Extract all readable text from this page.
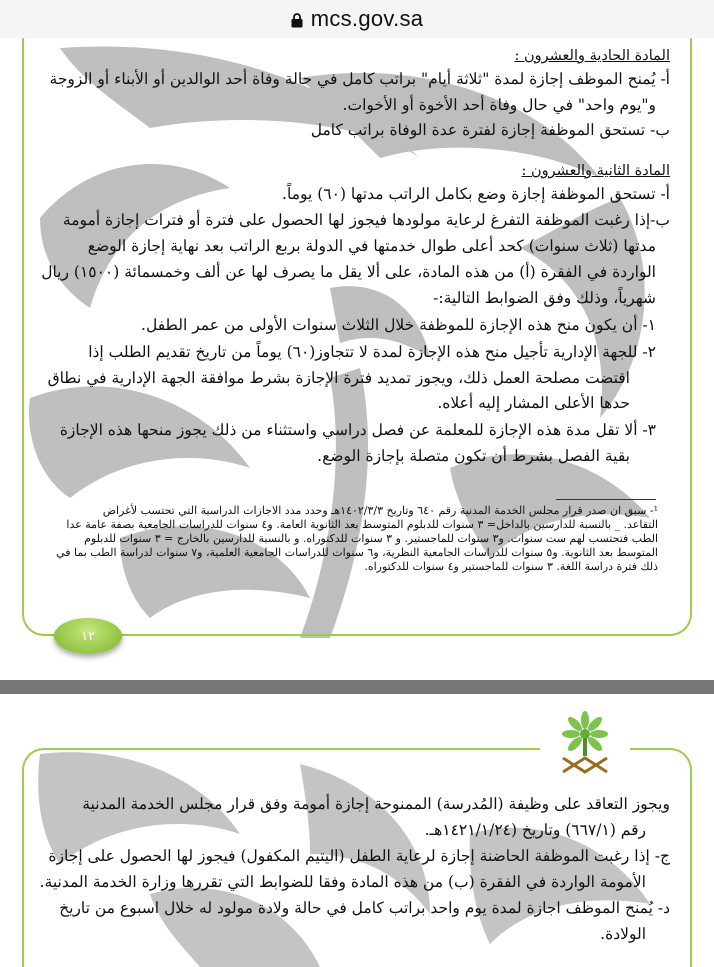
mcs.gov.sa
المادة الحادية والعشرون :
أ- يُمنح الموظف إجازة لمدة "ثلاثة أيام" براتب كامل في حالة وفاة أحد الوالدين أو الأبناء أو الزوجة
و"يوم واحد" في حال وفاة أحد الأخوة أو الأخوات.
ب- تستحق الموظفة إجازة لفترة عدة الوفاة براتب كامل
المادة الثانية والعشرون :
أ- تستحق الموظفة إجازة وضع بكامل الراتب مدتها (٦٠) يوماً.
ب-إذا رغبت الموظفة التفرغ لرعاية مولودها فيجوز لها الحصول على فترة أو فترات إجازة أمومة
مدتها (ثلاث سنوات) كحد أعلى طوال خدمتها في الدولة بربع الراتب بعد نهاية إجازة الوضع
الواردة في الفقرة (أ) من هذه المادة، على ألا يقل ما يصرف لها عن ألف وخمسمائة (١٥٠٠) ريال
شهرياً، وذلك وفق الضوابط التالية:-
١- أن يكون منح هذه الإجازة للموظفة خلال الثلاث سنوات الأولى من عمر الطفل.
٢- للجهة الإدارية تأجيل منح هذه الإجازة لمدة لا تتجاوز(٦٠) يوماً من تاريخ تقديم الطلب إذا
اقتضت مصلحة العمل ذلك، ويجوز تمديد فترة الإجازة بشرط موافقة الجهة الإدارية في نطاق
حدها الأعلى المشار إليه أعلاه.
٣- ألا تقل مدة هذه الإجازة للمعلمة عن فصل دراسي واستثناء من ذلك يجوز منحها هذه الإجازة
بقية الفصل بشرط أن تكون متصلة بإجازة الوضع.
¹- سبق ان صدر قرار مجلس الخدمة المدنية رقم ٦٤٠ وتاريخ ١٤٠٢/٣/٣هـ وحدد مدد الاجازات الدراسية التي تحتسب لأغراض
التقاعد. _ بالنسبة للدارسين بالداخل= ٣ سنوات للدبلوم المتوسط بعد الثانوية العامة. و٤ سنوات للدراسات الجامعية بصفة عامة عدا
الطب فتحتسب لهم ست سنوات. و٣ سنوات للماجستير. و ٣ سنوات للدكتوراه. و بالنسبة للدارسين بالخارج = ٣ سنوات للدبلوم
المتوسط بعد الثانوية. و٥ سنوات للدراسات الجامعية النظرية، و٦ سنوات للدراسات الجامعية العلمية، و٧ سنوات لدراسة الطب بما في
ذلك فترة دراسة اللغة. ٣ سنوات للماجستير و٤ سنوات للدكتوراه.
١٢
ويجوز التعاقد على وظيفة (المُدرسة) الممنوحة إجازة أمومة وفق قرار مجلس الخدمة المدنية
رقم (٦٦٧/١) وتاريخ (١٤٢١/١/٢٤هـ.
ج- إذا رغبت الموظفة الحاضنة إجازة لرعاية الطفل (اليتيم المكفول) فيجوز لها الحصول على إجازة
الأمومة الواردة في الفقرة (ب) من هذه المادة وفقا للضوابط التي تقررها وزارة الخدمة المدنية.
د- يُمنح الموظف اجازة لمدة يوم واحد براتب كامل في حالة ولادة مولود له خلال اسبوع من تاريخ
الولادة.
